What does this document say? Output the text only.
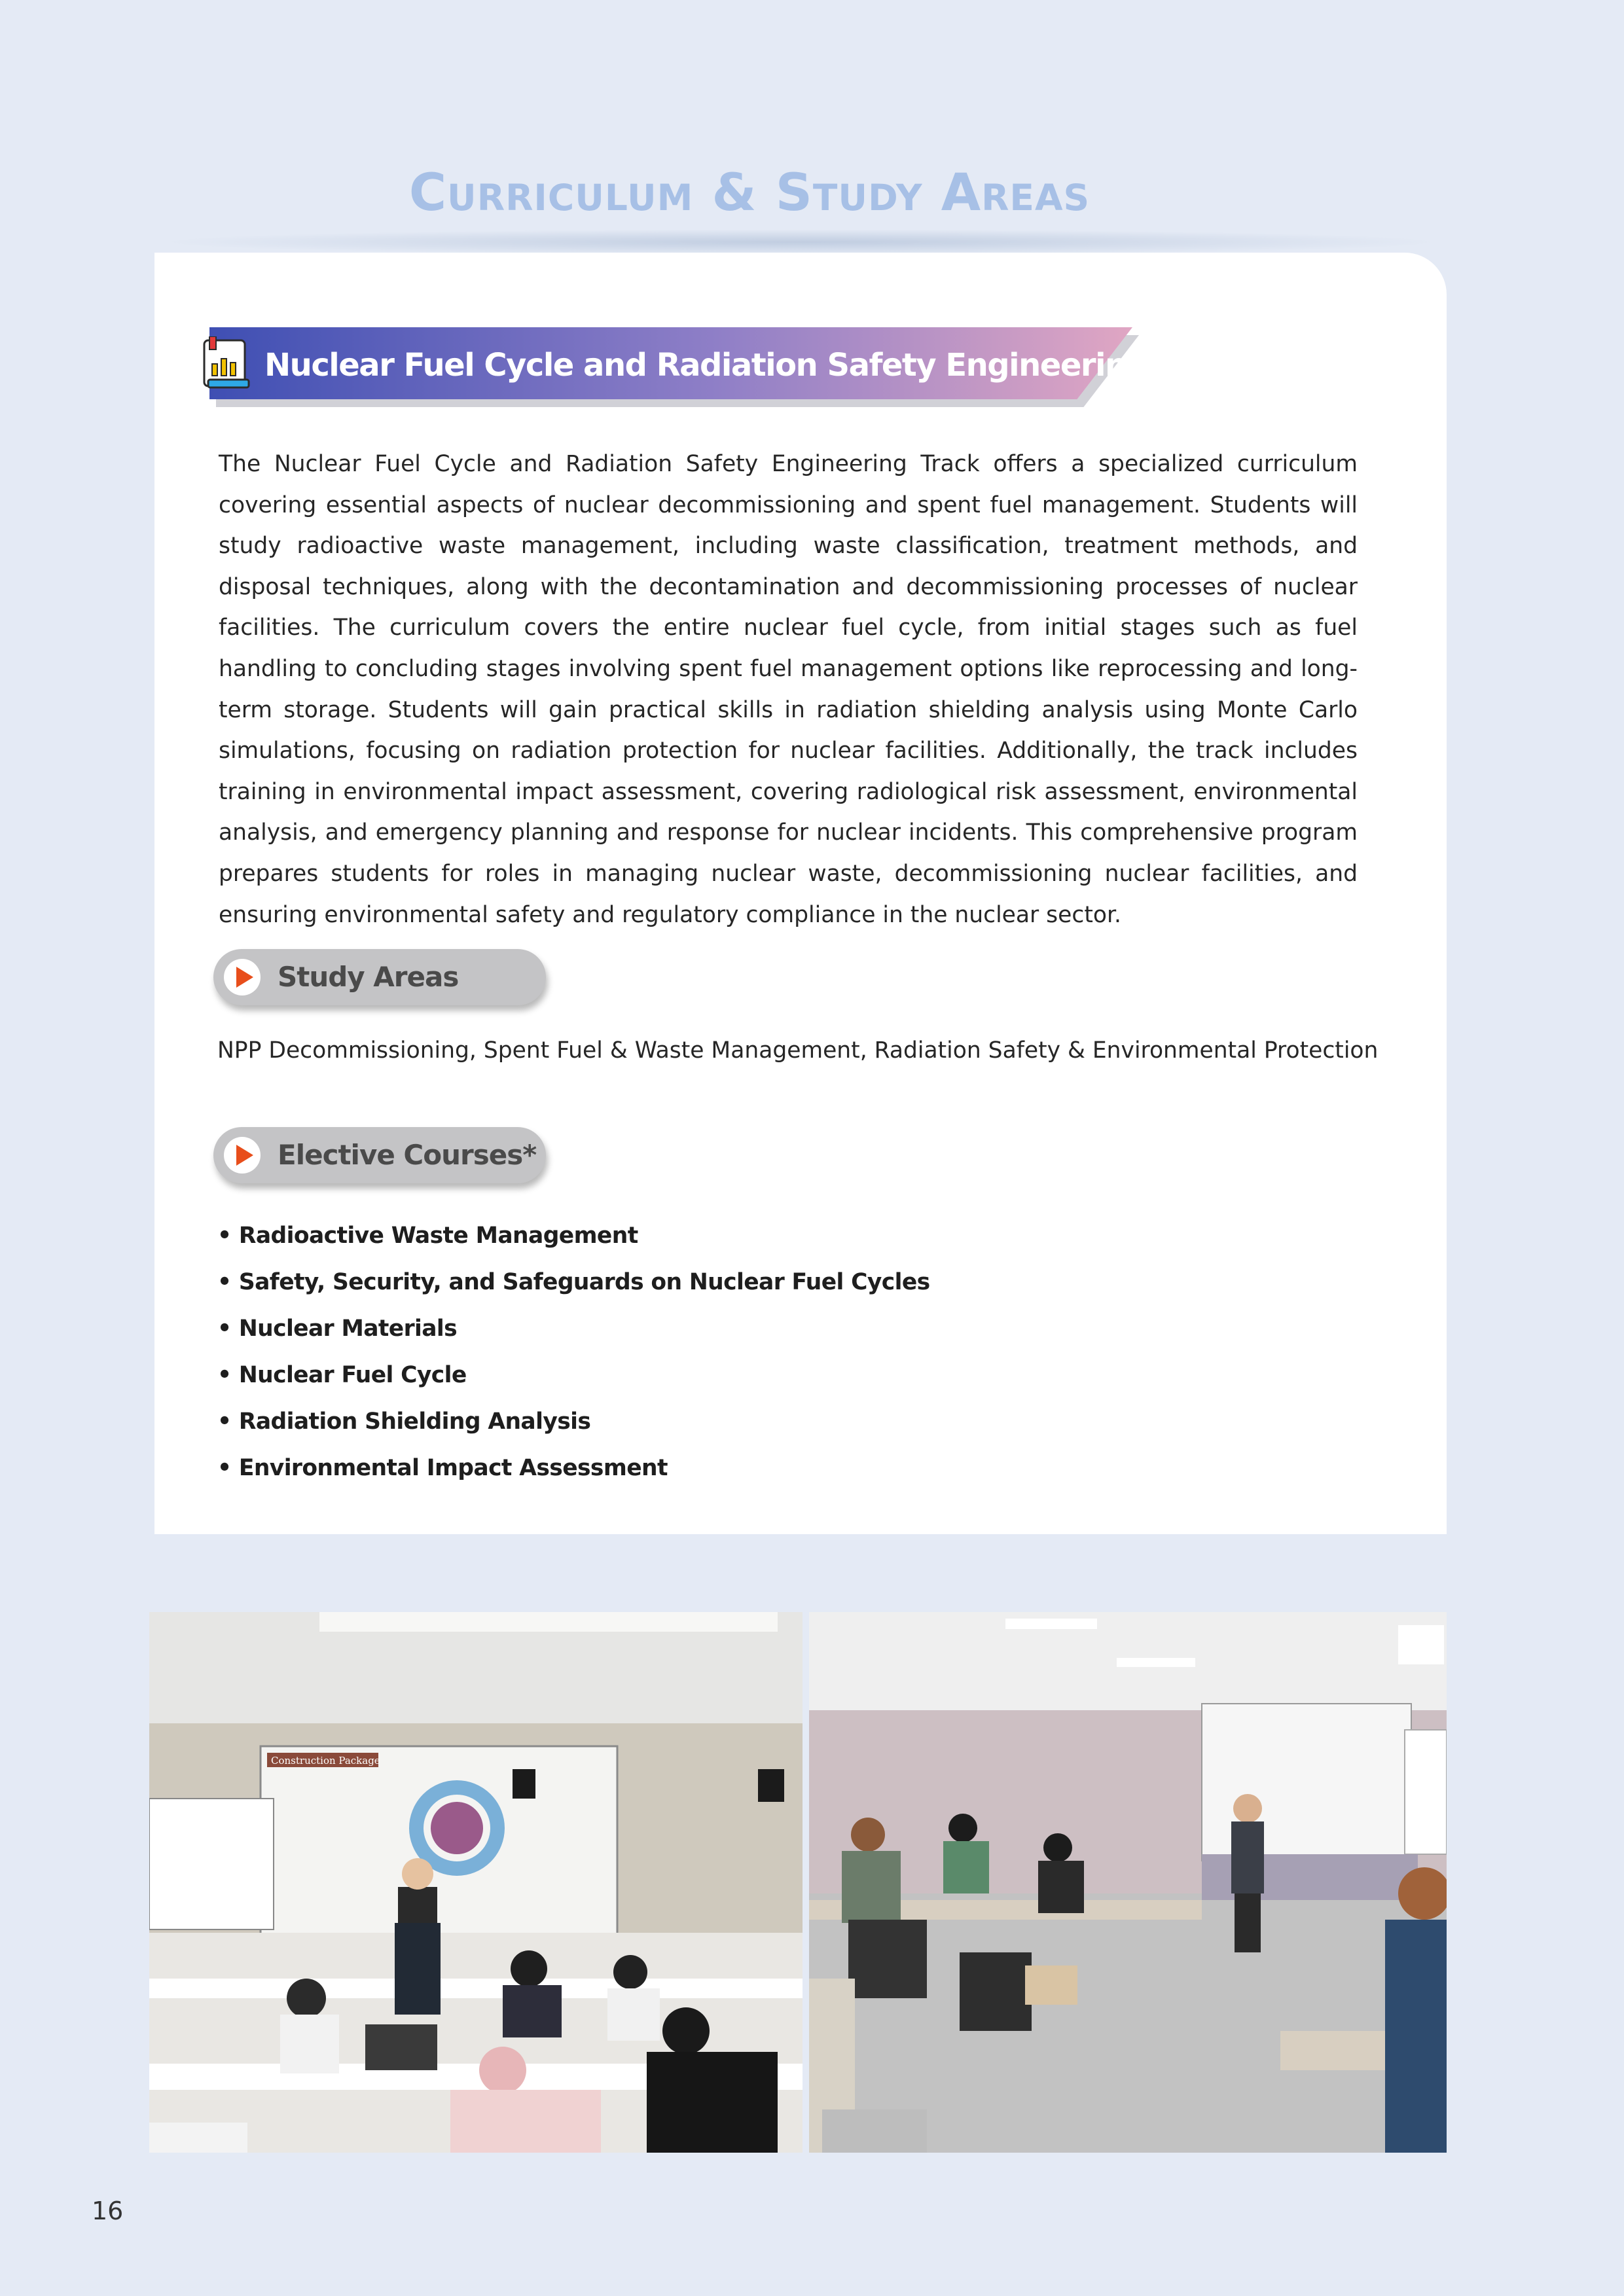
Curriculum & Study Areas
Nuclear Fuel Cycle and Radiation Safety Engineering Track
The Nuclear Fuel Cycle and Radiation Safety Engineering Track offers a specialized curriculum covering essential aspects of nuclear decommissioning and spent fuel management. Students will study radioactive waste management, including waste classification, treatment methods, and disposal techniques, along with the decontamination and decommissioning processes of nuclear facilities. The curriculum covers the entire nuclear fuel cycle, from initial stages such as fuel handling to concluding stages involving spent fuel management options like reprocessing and long-term storage. Students will gain practical skills in radiation shielding analysis using Monte Carlo simulations, focusing on radiation protection for nuclear facilities. Additionally, the track includes training in environmental impact assessment, covering radiological risk assessment, environmental analysis, and emergency planning and response for nuclear incidents. This comprehensive program prepares students for roles in managing nuclear waste, decommissioning nuclear facilities, and ensuring environmental safety and regulatory compliance in the nuclear sector.
Study Areas
NPP Decommissioning, Spent Fuel & Waste Management, Radiation Safety & Environmental Protection
Elective Courses*
• Radioactive Waste Management
• Safety, Security, and Safeguards on Nuclear Fuel Cycles
• Nuclear Materials
• Nuclear Fuel Cycle
• Radiation Shielding Analysis
• Environmental Impact Assessment
Construction Package
16
